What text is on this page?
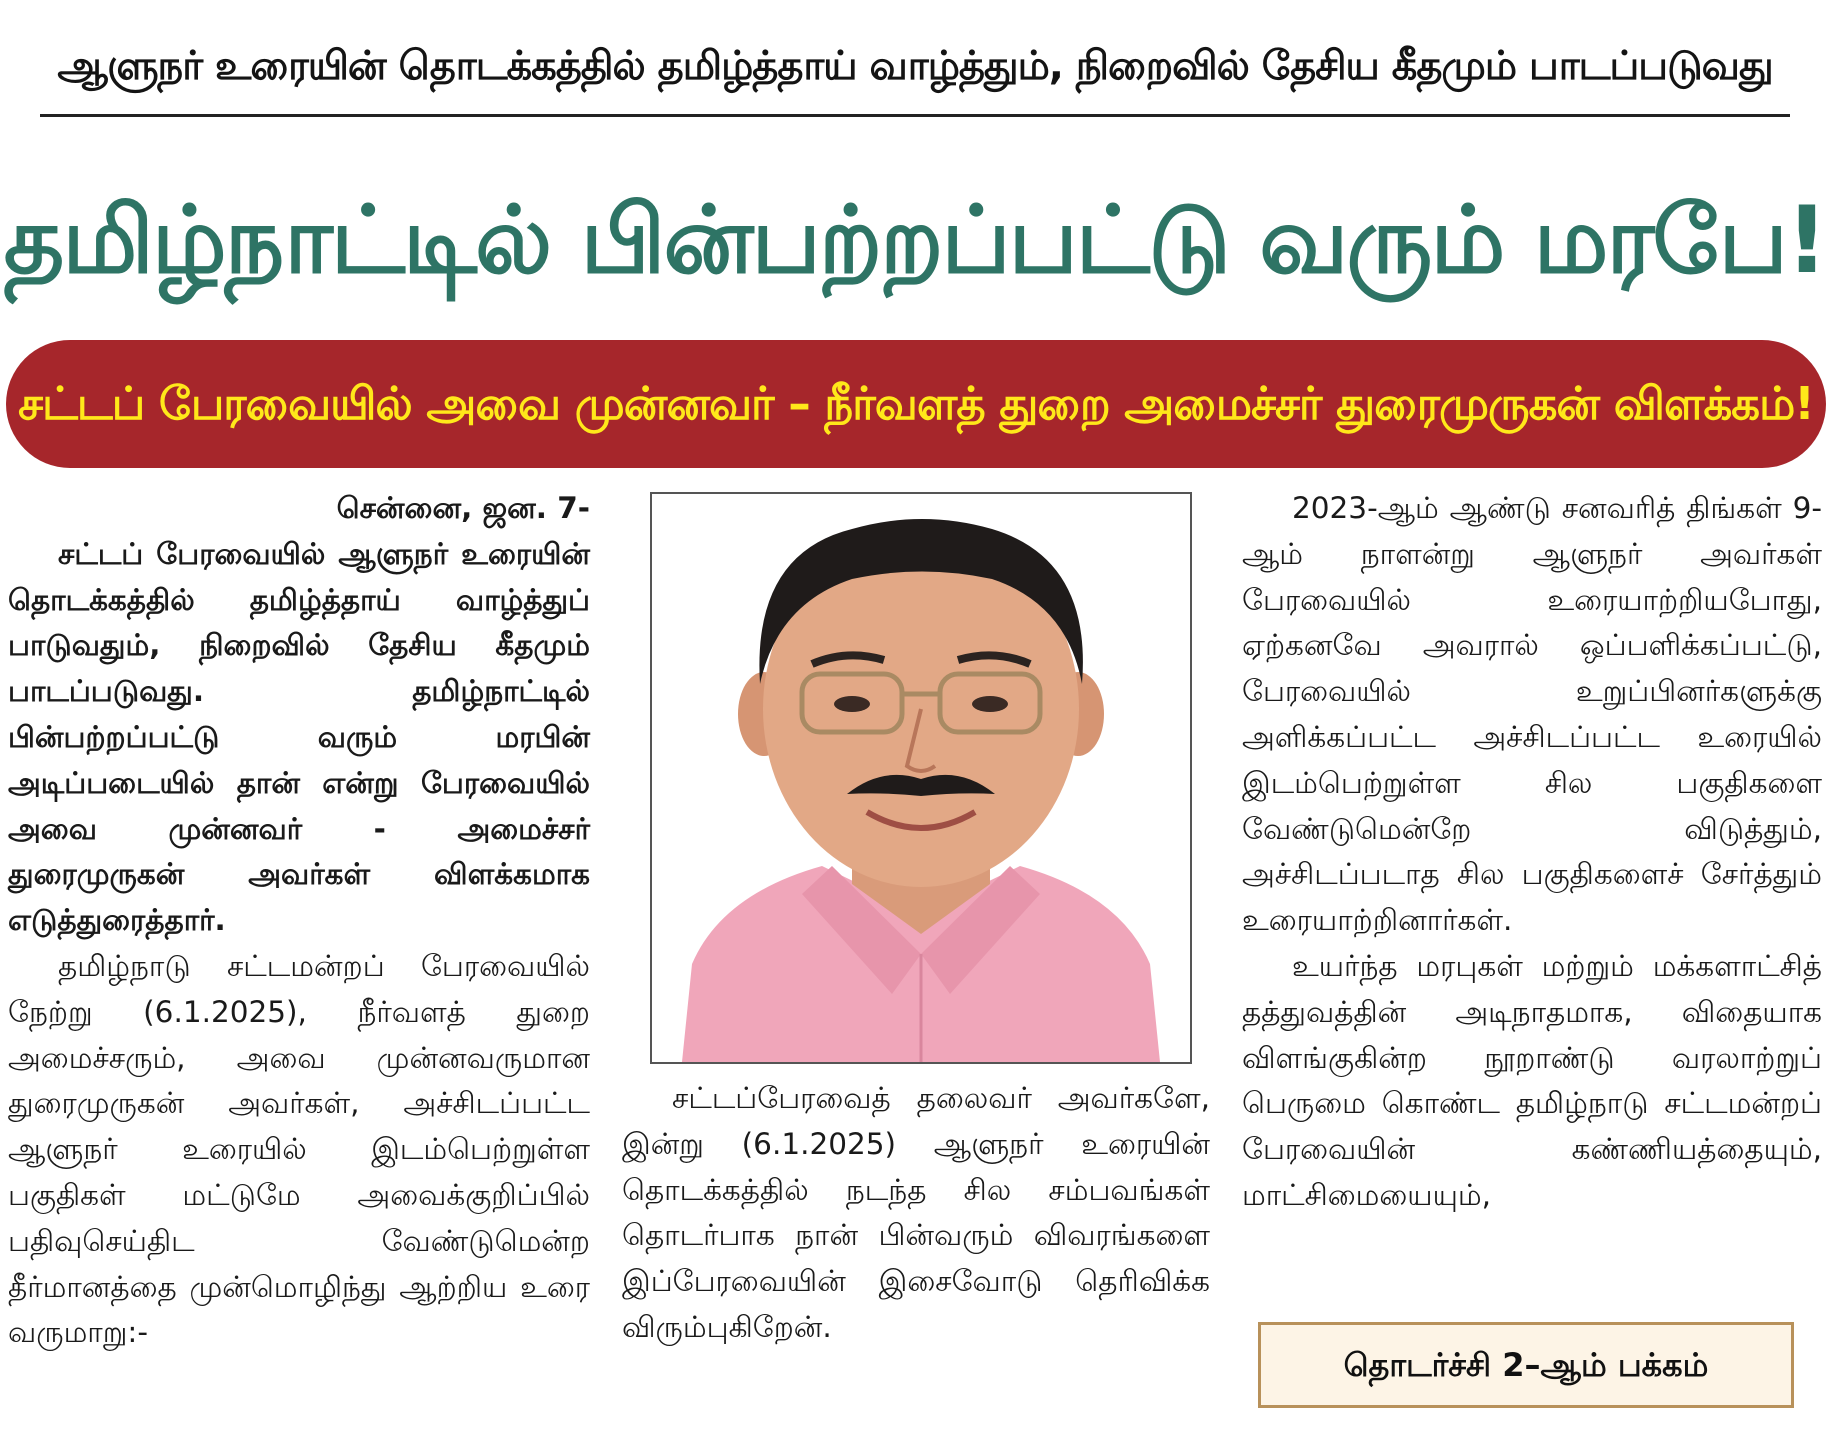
ஆளுநர் உரையின் தொடக்கத்தில் தமிழ்த்தாய் வாழ்த்தும், நிறைவில் தேசிய கீதமும் பாடப்படுவது
தமிழ்நாட்டில் பின்பற்றப்பட்டு வரும் மரபே!
சட்டப் பேரவையில் அவை முன்னவர் – நீர்வளத் துறை அமைச்சர் துரைமுருகன் விளக்கம்!
சென்னை, ஜன. 7-

சட்டப் பேரவையில் ஆளுநர் உரையின் தொடக்கத்தில் தமிழ்த்தாய் வாழ்த்துப் பாடுவதும், நிறைவில் தேசிய கீதமும் பாடப்படுவது. தமிழ்நாட்டில் பின்பற்றப்பட்டு வரும் மரபின் அடிப்படையில் தான் என்று பேரவையில் அவை முன்னவர் - அமைச்சர் துரைமுருகன் அவர்கள் விளக்கமாக எடுத்துரைத்தார்.

தமிழ்நாடு சட்டமன்றப் பேரவையில் நேற்று (6.1.2025), நீர்வளத் துறை அமைச்சரும், அவை முன்னவருமான துரைமுருகன் அவர்கள், அச்சிடப்பட்ட ஆளுநர் உரையில் இடம்பெற்றுள்ள பகுதிகள் மட்டுமே அவைக்குறிப்பில் பதிவுசெய்திட வேண்டுமென்ற தீர்மானத்தை முன்மொழிந்து ஆற்றிய உரை வருமாறு:-

சட்டப்பேரவைத் தலைவர் அவர்களே, இன்று (6.1.2025) ஆளுநர் உரையின் தொடக்கத்தில் நடந்த சில சம்பவங்கள் தொடர்பாக நான் பின்வரும் விவரங்களை இப்பேரவையின் இசைவோடு தெரிவிக்க விரும்புகிறேன்.

2023-ஆம் ஆண்டு சனவரித் திங்கள் 9-ஆம் நாளன்று ஆளுநர் அவர்கள் பேரவையில் உரையாற்றியபோது, ஏற்கனவே அவரால் ஒப்பளிக்கப்பட்டு, பேரவையில் உறுப்பினர்களுக்கு அளிக்கப்பட்ட அச்சிடப்பட்ட உரையில் இடம்பெற்றுள்ள சில பகுதிகளை வேண்டுமென்றே விடுத்தும், அச்சிடப்படாத சில பகுதிகளைச் சேர்த்தும் உரையாற்றினார்கள்.

உயர்ந்த மரபுகள் மற்றும் மக்களாட்சித் தத்துவத்தின் அடிநாதமாக, விதையாக விளங்குகின்ற நூறாண்டு வரலாற்றுப் பெருமை கொண்ட தமிழ்நாடு சட்டமன்றப் பேரவையின் கண்ணியத்தையும், மாட்சிமையையும்,

தொடர்ச்சி 2–ஆம் பக்கம்
